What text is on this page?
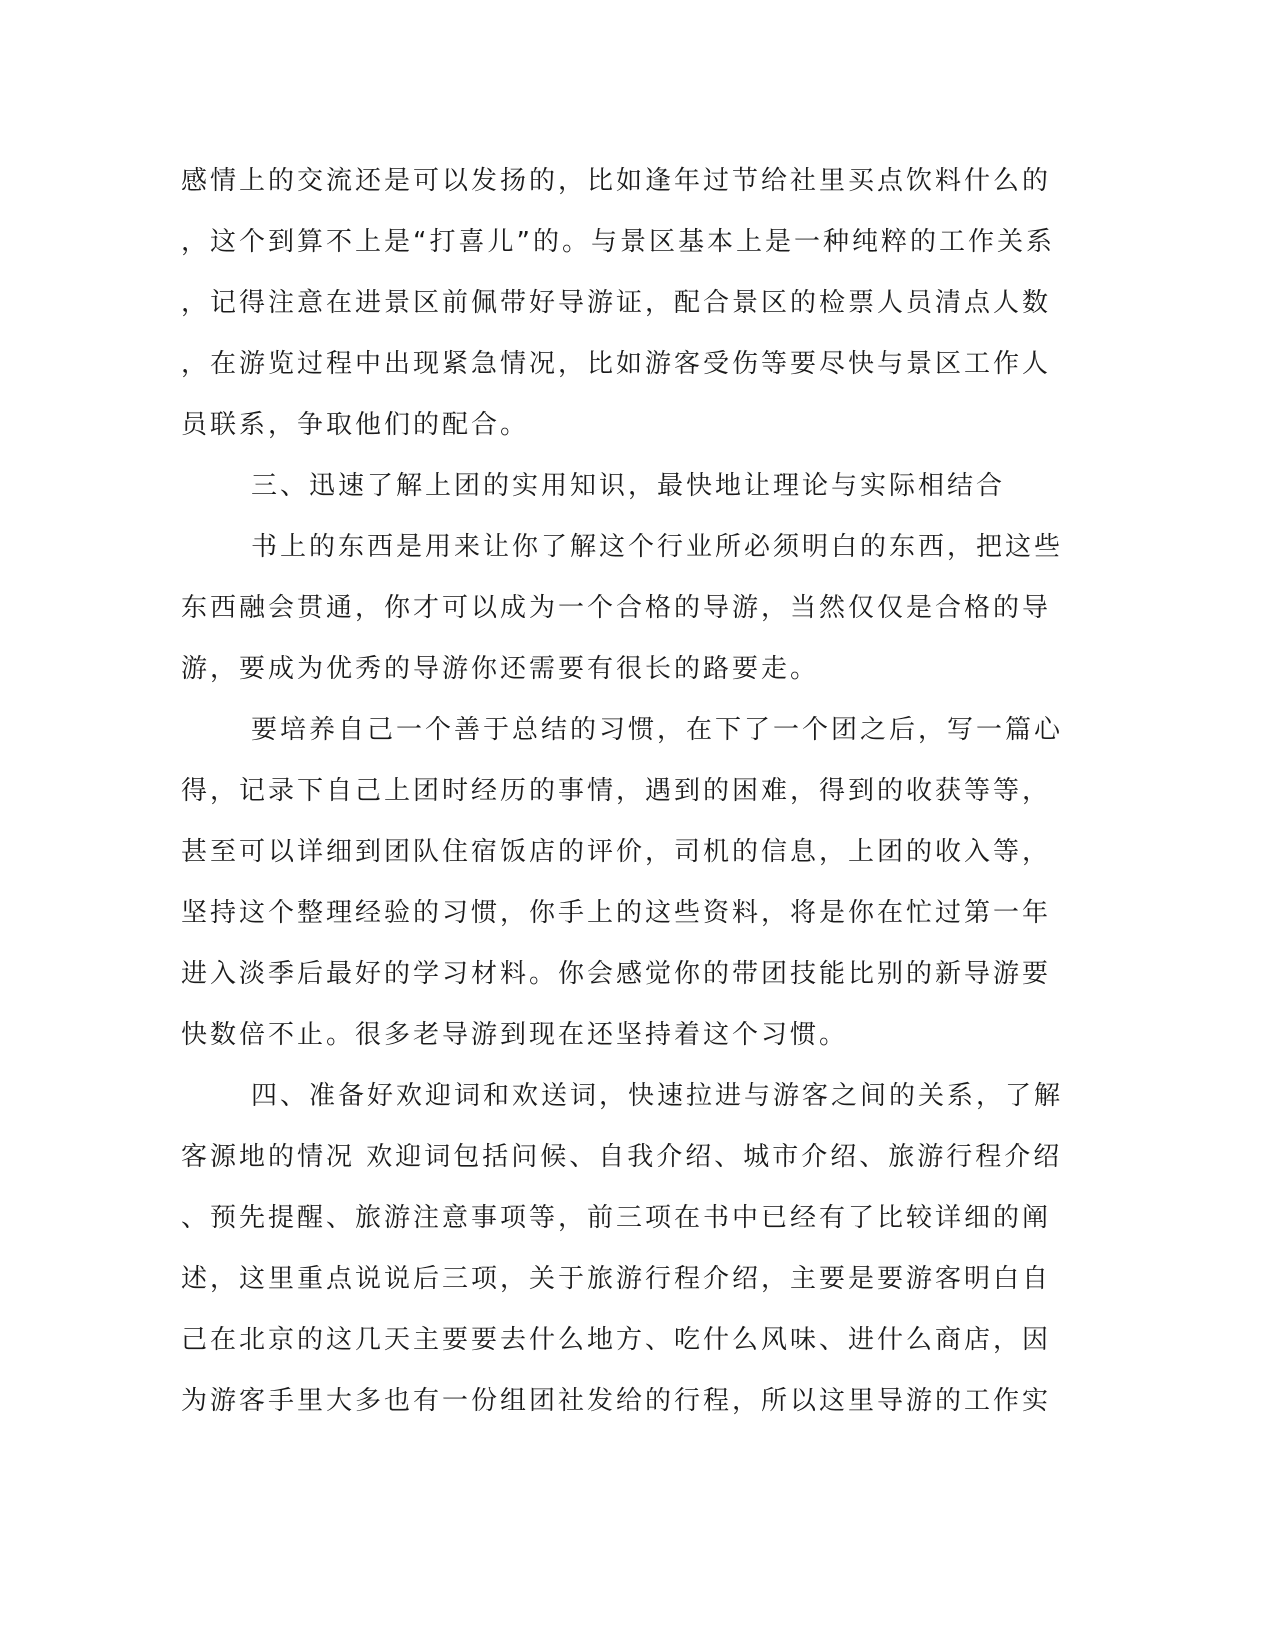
感情上的交流还是可以发扬的，比如逢年过节给社里买点饮料什么的
，这个到算不上是“打喜儿”的。与景区基本上是一种纯粹的工作关系
，记得注意在进景区前佩带好导游证，配合景区的检票人员清点人数
，在游览过程中出现紧急情况，比如游客受伤等要尽快与景区工作人
员联系，争取他们的配合。
三、迅速了解上团的实用知识，最快地让理论与实际相结合
书上的东西是用来让你了解这个行业所必须明白的东西，把这些
东西融会贯通，你才可以成为一个合格的导游，当然仅仅是合格的导
游，要成为优秀的导游你还需要有很长的路要走。
要培养自己一个善于总结的习惯，在下了一个团之后，写一篇心
得，记录下自己上团时经历的事情，遇到的困难，得到的收获等等，
甚至可以详细到团队住宿饭店的评价，司机的信息，上团的收入等，
坚持这个整理经验的习惯，你手上的这些资料，将是你在忙过第一年
进入淡季后最好的学习材料。你会感觉你的带团技能比别的新导游要
快数倍不止。很多老导游到现在还坚持着这个习惯。
四、准备好欢迎词和欢送词，快速拉进与游客之间的关系，了解
客源地的情况 欢迎词包括问候、自我介绍、城市介绍、旅游行程介绍
、预先提醒、旅游注意事项等，前三项在书中已经有了比较详细的阐
述，这里重点说说后三项，关于旅游行程介绍，主要是要游客明白自
己在北京的这几天主要要去什么地方、吃什么风味、进什么商店，因
为游客手里大多也有一份组团社发给的行程，所以这里导游的工作实
